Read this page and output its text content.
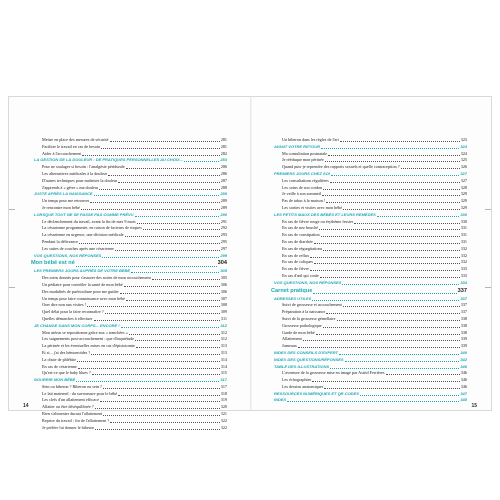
Mettre en place des mesures de sécurité	281
Faciliter le travail en cas de besoin	281
Aider à l'accouchement	282
LA GESTION DE LA DOULEUR : DE PRATIQUES PERSONNELLES AU CHOIX...	283
Pour ne soulager si besoin : l'analgésie péridurale	286
Les alternatives médicales à la douleur	286
D'autres techniques pour maîtriser la douleur	287
J'apprends à « gérer » ma douleur	288
JUSTE APRÈS LA NAISSANCE	289
Un temps pour me retrouver	289
Je rencontre mon bébé	289
LORSQUE TOUT NE SE PASSE PAS COMME PRÉVU	290
Le déclenchement du travail, avant la fin de mes 9 mois	291
La césarienne programmée, en raison de facteurs de risques	292
La césarienne en urgence, une décision médicale	293
Pendant la délivrance	295
Les suites de couches après une césarienne	297
VOS QUESTIONS, NOS RÉPONSES	299
Mon bébé est né	304
LES PREMIERS JOURS AUPRÈS DE VOTRE BÉBÉ	305
Des soins donnés pour s'assurer des suites de mon accouchement	305
Un pédiatre pour contrôler la santé de mon bébé	306
Des modalités de puériculture pour me guider	306
Un temps pour faire connaissance avec mon bébé	307
Oser dire non aux visites !	308
Quel délai pour la faire reconnaître ?	309
Quelles démarches à effectuer	311
JE CHANGE DANS MON CORPS... ENCORE !	312
Mon utérus se repositionne grâce aux « tranchées »	312
Les saignements post-accouchement : que d'inquiétude	312
La périnée et les éventuelles mises en cas d'épisiotomie	313
Et si... j'ai des hémorroïdes ?	313
La chute de phlébite	314
En cas de césarienne	314
Qu'est-ce que le baby blues ?	315
NOURRIR MON BÉBÉ	317
Sein ou biberon ? Biberon ou sein ?	317
Le lait maternel : du sur-mesure pour le bébé	318
Les clefs d'un allaitement efficace	319
Allaiter ou être déséquilibrée ?	320
Bien s'alimenter durant l'allaitement	321
Reprise du travail : fin de l'allaitement ?	322
Je préfère lui donner le biberon	322
Un biberon dans les règles de l'art	323
AVANT VOTRE RETOUR	324
Ma consultation postnatale	324
Je rééduque mon périnée	325
Quand puis-je reprendre des rapports sexuels et quelle contraception ?	326
PREMIERS JOURS CHEZ SOI	327
Les consultations régulières	327
Les soins de son cordon	328
Je veille à son sommeil	329
Pas de tabac à la maison !	329
Les sorties et visites avec mon bébé	329
LES PETITS MAUX DES BÉBÉS ET LEURS REMÈDES	330
En cas de fièvre rouge ou érythème fessier	330
En cas de nez bouché	331
En cas de constipation	331
En cas de diarrhée	331
En cas de régurgitations	332
En cas de reflux	332
En cas de coliques	332
En cas de fièvre	333
En cas d'œil qui coule	333
VOS QUESTIONS, NOS RÉPONSES	334
Carnet pratique	337
ADRESSES UTILES	337
Suivi de grossesse et accouchement	337
Préparation à la naissance	337
Suivi de la grossesse gémellaire	338
Grossesse pathologique	338
Garde de mon bébé	338
Allaitement	339
Jumeaux	339
INDEX DES CONSEILS D'EXPERT	340
INDEX DES QUESTIONS/RÉPONSES	342
TABLE DES ILLUSTRATIONS	346
L'aventure de la grossesse mise en image par Astrid Ferrières	346
Les échographies	346
Les dessins anatomiques	346
RESSOURCES NUMÉRIQUES ET QR CODES	347
INDEX	348
14	15
